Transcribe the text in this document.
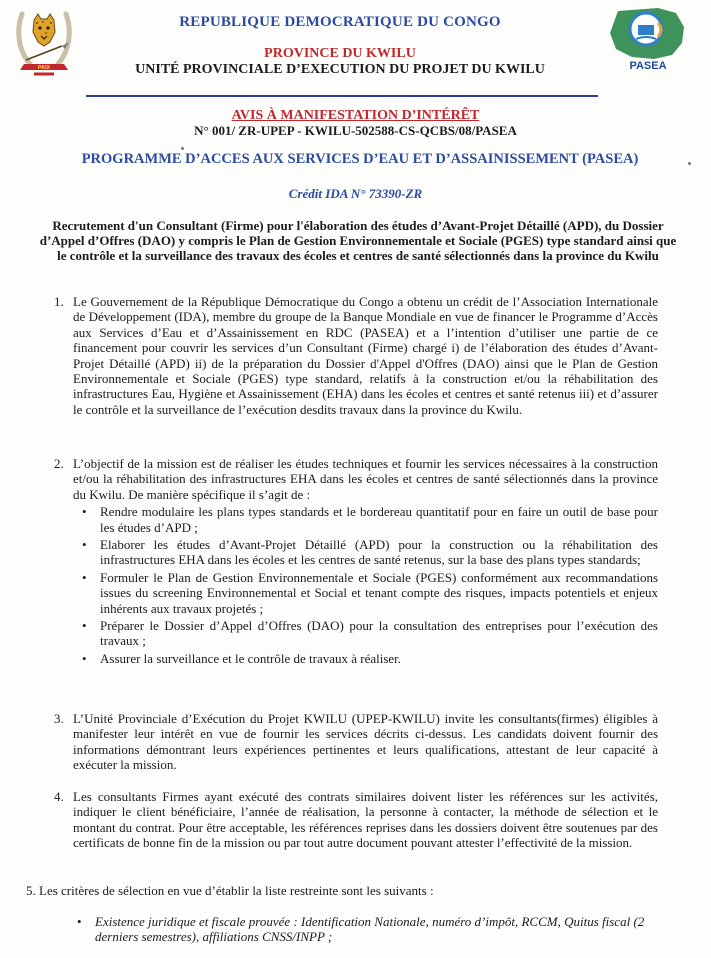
PAIX	PASEA
REPUBLIQUE DEMOCRATIQUE DU CONGO
PROVINCE DU KWILU
UNITÉ PROVINCIALE D’EXECUTION DU PROJET DU KWILU
AVIS À MANIFESTATION D’INTÉRÊT
N° 001/ ZR-UPEP - KWILU-502588-CS-QCBS/08/PASEA
PROGRAMME D’ACCES AUX SERVICES D’EAU ET D’ASSAINISSEMENT (PASEA)
Crédit IDA N° 73390-ZR
Recrutement d'un Consultant (Firme) pour l'élaboration des études d’Avant-Projet Détaillé (APD), du Dossier d’Appel d’Offres (DAO) y compris le Plan de Gestion Environnementale et Sociale (PGES) type standard ainsi que le contrôle et la surveillance des travaux des écoles et centres de santé sélectionnés dans la province du Kwilu
1. Le Gouvernement de la République Démocratique du Congo a obtenu un crédit de l’Association Internationale de Développement (IDA), membre du groupe de la Banque Mondiale en vue de financer le Programme d’Accès aux Services d’Eau et d’Assainissement en RDC (PASEA) et a l’intention d’utiliser une partie de ce financement pour couvrir les services d’un Consultant (Firme) chargé i) de l’élaboration des études d’Avant-Projet Détaillé (APD) ii) de la préparation du Dossier d'Appel d'Offres (DAO) ainsi que le Plan de Gestion Environnementale et Sociale (PGES) type standard, relatifs à la construction et/ou la réhabilitation des infrastructures Eau, Hygiène et Assainissement (EHA) dans les écoles et centres et santé retenus iii) et d’assurer le contrôle et la surveillance de l’exécution desdits travaux dans la province du Kwilu.
2. L’objectif de la mission est de réaliser les études techniques et fournir les services nécessaires à la construction et/ou la réhabilitation des infrastructures EHA dans les écoles et centres de santé sélectionnés dans la province du Kwilu. De manière spécifique il s’agit de :
• Rendre modulaire les plans types standards et le bordereau quantitatif pour en faire un outil de base pour les études d’APD ;
• Elaborer les études d’Avant-Projet Détaillé (APD) pour la construction ou la réhabilitation des infrastructures EHA dans les écoles et les centres de santé retenus, sur la base des plans types standards;
• Formuler le Plan de Gestion Environnementale et Sociale (PGES) conformément aux recommandations issues du screening Environnemental et Social et tenant compte des risques, impacts potentiels et enjeux inhérents aux travaux projetés ;
• Préparer le Dossier d’Appel d’Offres (DAO) pour la consultation des entreprises pour l’exécution des travaux ;
• Assurer la surveillance et le contrôle de travaux à réaliser.
3. L’Unité Provinciale d’Exécution du Projet KWILU (UPEP-KWILU) invite les consultants(firmes) éligibles à manifester leur intérêt en vue de fournir les services décrits ci-dessus. Les candidats doivent fournir des informations démontrant leurs expériences pertinentes et leurs qualifications, attestant de leur capacité à exécuter la mission.
4. Les consultants Firmes ayant exécuté des contrats similaires doivent lister les références sur les activités, indiquer le client bénéficiaire, l’année de réalisation, la personne à contacter, la méthode de sélection et le montant du contrat. Pour être acceptable, les références reprises dans les dossiers doivent être soutenues par des certificats de bonne fin de la mission ou par tout autre document pouvant attester l’effectivité de la mission.
5. Les critères de sélection en vue d’établir la liste restreinte sont les suivants :
• Existence juridique et fiscale prouvée : Identification Nationale, numéro d’impôt, RCCM, Quitus fiscal (2 derniers semestres), affiliations CNSS/INPP ;
